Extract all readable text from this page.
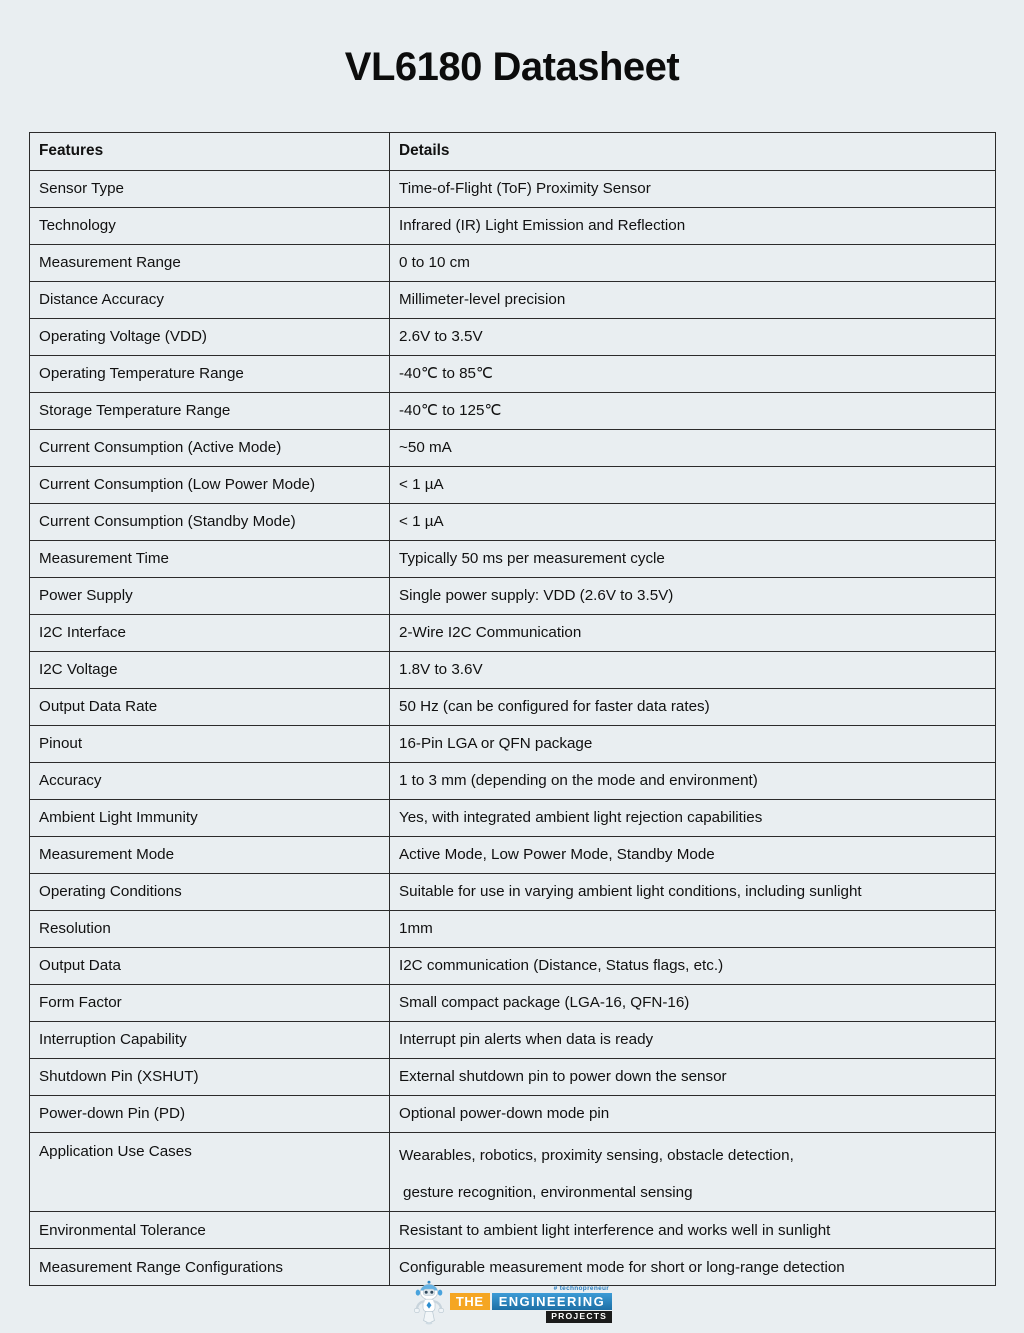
VL6180 Datasheet
Features	Details
Sensor Type	Time-of-Flight (ToF) Proximity Sensor
Technology	Infrared (IR) Light Emission and Reflection
Measurement Range	0 to 10 cm
Distance Accuracy	Millimeter-level precision
Operating Voltage (VDD)	2.6V to 3.5V
Operating Temperature Range	-40℃ to 85℃
Storage Temperature Range	-40℃ to 125℃
Current Consumption (Active Mode)	~50 mA
Current Consumption (Low Power Mode)	< 1 µA
Current Consumption (Standby Mode)	< 1 µA
Measurement Time	Typically 50 ms per measurement cycle
Power Supply	Single power supply: VDD (2.6V to 3.5V)
I2C Interface	2-Wire I2C Communication
I2C Voltage	1.8V to 3.6V
Output Data Rate	50 Hz (can be configured for faster data rates)
Pinout	16-Pin LGA or QFN package
Accuracy	1 to 3 mm (depending on the mode and environment)
Ambient Light Immunity	Yes, with integrated ambient light rejection capabilities
Measurement Mode	Active Mode, Low Power Mode, Standby Mode
Operating Conditions	Suitable for use in varying ambient light conditions, including sunlight
Resolution	1mm
Output Data	I2C communication (Distance, Status flags, etc.)
Form Factor	Small compact package (LGA-16, QFN-16)
Interruption Capability	Interrupt pin alerts when data is ready
Shutdown Pin (XSHUT)	External shutdown pin to power down the sensor
Power-down Pin (PD)	Optional power-down mode pin
Application Use Cases	Wearables, robotics, proximity sensing, obstacle detection,
gesture recognition, environmental sensing

Environmental Tolerance	Resistant to ambient light interference and works well in sunlight
Measurement Range Configurations	Configurable measurement mode for short or long-range detection
# technopreneur
THE	ENGINEERING
PROJECTS
